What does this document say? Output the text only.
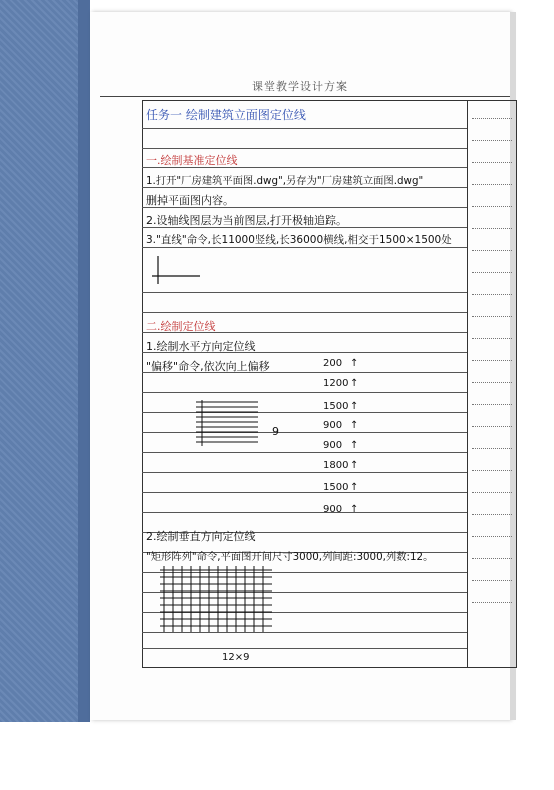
课堂教学设计方案
任务一 绘制建筑立面图定位线
一.绘制基准定位线
1.打开"厂房建筑平面图.dwg",另存为"厂房建筑立面图.dwg"
删掉平面图内容。
2.设轴线图层为当前图层,打开极轴追踪。
3."直线"命令,长11000竖线,长36000横线,相交于1500×1500处
二.绘制定位线
1.绘制水平方向定位线
"偏移"命令,依次向上偏移	200
1200
1500
900
900
1800
1500
900
↑
↑
↑
↑
↑
↑
↑
↑
9
2.绘制垂直方向定位线
"矩形阵列"命令,平面图开间尺寸3000,列间距:3000,列数:12。
12×9
